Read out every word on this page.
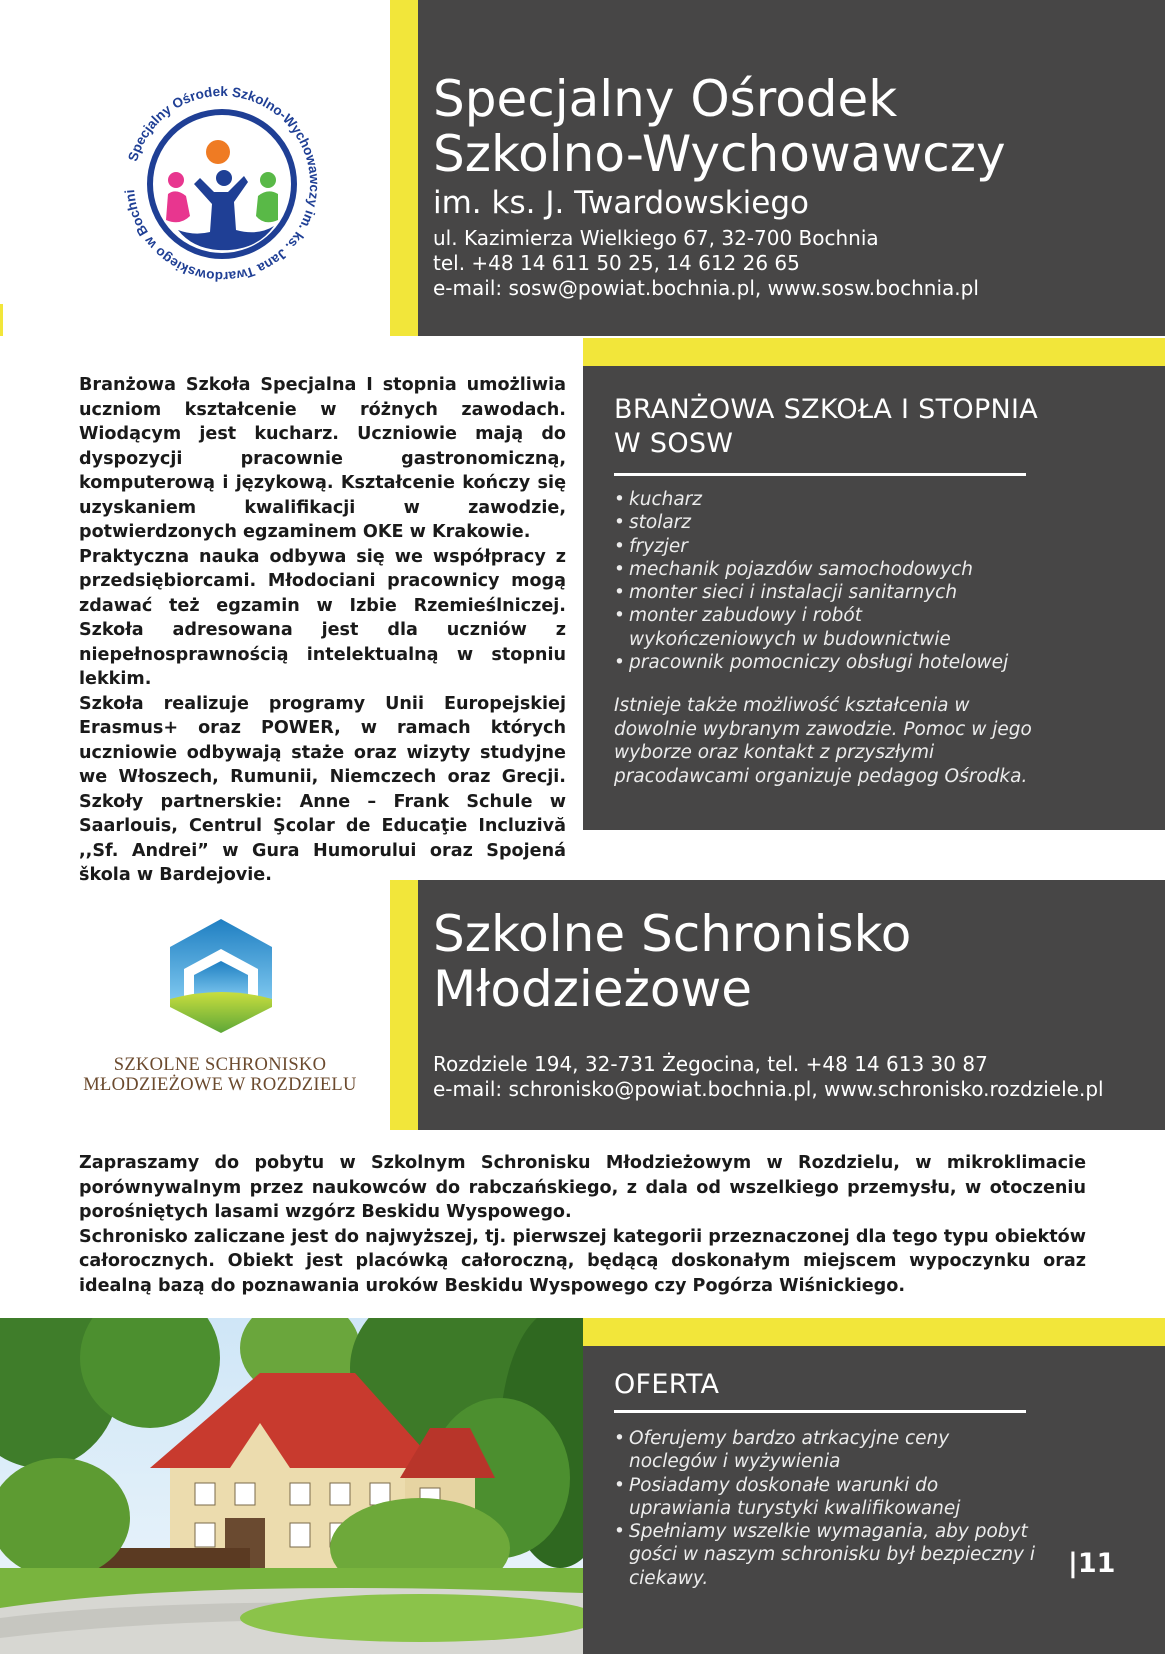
Specjalny Ośrodek Szkolno-Wychowawczy im. ks. Jana Twardowskiego w Bochni
Specjalny Ośrodek
Szkolno-Wychowawczy
im. ks. J. Twardowskiego
ul. Kazimierza Wielkiego 67, 32-700 Bochnia
tel. +48 14 611 50 25, 14 612 26 65
e-mail: sosw@powiat.bochnia.pl, www.sosw.bochnia.pl

Branżowa Szkoła Specjalna I stopnia umożliwia uczniom kształcenie w różnych zawodach. Wiodącym jest kucharz. Uczniowie mają do dyspozycji pracownie gastronomiczną, komputerową i językową. Kształcenie kończy się uzyskaniem kwalifikacji w zawodzie, potwierdzonych egzaminem OKE w Krakowie.

Praktyczna nauka odbywa się we współpracy z przedsiębiorcami. Młodociani pracownicy mogą zdawać też egzamin w Izbie Rzemieślniczej. Szkoła adresowana jest dla uczniów z niepełnosprawnością intelektualną w stopniu lekkim.

Szkoła realizuje programy Unii Europejskiej Erasmus+ oraz POWER, w ramach których uczniowie odbywają staże oraz wizyty studyjne we Włoszech, Rumunii, Niemczech oraz Grecji. Szkoły partnerskie: Anne – Frank Schule w Saarlouis, Centrul Şcolar de Educaţie Incluzivă ,,Sf. Andrei” w Gura Humorului oraz Spojená škola w Bardejovie.

BRANŻOWA SZKOŁA I STOPNIA
W SOSW
• kucharz
• stolarz
• fryzjer
• mechanik pojazdów samochodowych
• monter sieci i instalacji sanitarnych
• monter zabudowy i robót wykończeniowych w budownictwie
• pracownik pomocniczy obsługi hotelowej
Istnieje także możliwość kształcenia w dowolnie wybranym zawodzie. Pomoc w jego wyborze oraz kontakt z przyszłymi pracodawcami organizuje pedagog Ośrodka.
SZKOLNE SCHRONISKO
MŁODZIEŻOWE W ROZDZIELU
Szkolne Schronisko
Młodzieżowe
Rozdziele 194, 32-731 Żegocina, tel. +48 14 613 30 87
e-mail: schronisko@powiat.bochnia.pl, www.schronisko.rozdziele.pl

Zapraszamy do pobytu w Szkolnym Schronisku Młodzieżowym w Rozdzielu, w mikroklimacie porównywalnym przez naukowców do rabczańskiego, z dala od wszelkiego przemysłu, w otoczeniu porośniętych lasami wzgórz Beskidu Wyspowego.

Schronisko zaliczane jest do najwyższej, tj. pierwszej kategorii przeznaczonej dla tego typu obiektów całorocznych. Obiekt jest placówką całoroczną, będącą doskonałym miejscem wypoczynku oraz idealną bazą do poznawania uroków Beskidu Wyspowego czy Pogórza Wiśnickiego.

OFERTA
• Oferujemy bardzo atrkacyjne ceny noclegów i wyżywienia
• Posiadamy doskonałe warunki do uprawiania turystyki kwalifikowanej
• Spełniamy wszelkie wymagania, aby pobyt gości w naszym schronisku był bezpieczny i ciekawy.	|11
